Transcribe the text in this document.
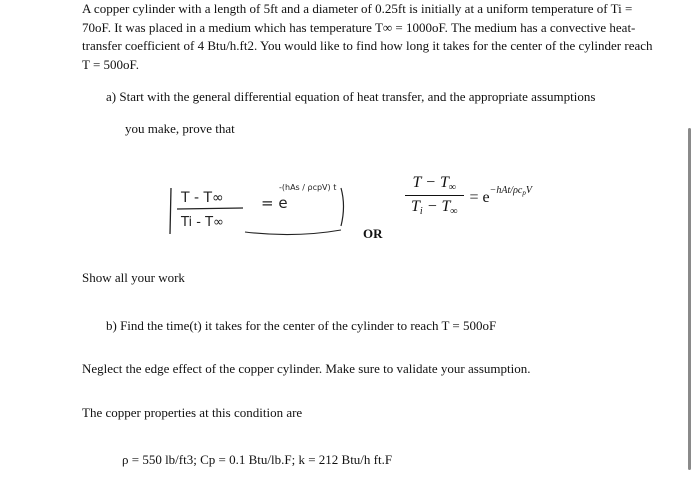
A copper cylinder with a length of 5ft and a diameter of 0.25ft is initially at a uniform temperature of Ti = 70oF. It was placed in a medium which has temperature T∞ = 1000oF. The medium has a convective heat-transfer coefficient of 4 Btu/h.ft2. You would like to find how long it takes for the center of the cylinder reach T = 500oF.
a) Start with the general differential equation of heat transfer, and the appropriate assumptions
you make, prove that
T - T∞
Ti - T∞
= e
-(hAs / ρcpV) t
OR
$\frac{T - T_\infty}{T_i - T_\infty} = e^{-hAt/\rho c_pV}$
Show all your work
b) Find the time(t) it takes for the center of the cylinder to reach T = 500oF
Neglect the edge effect of the copper cylinder. Make sure to validate your assumption.
The copper properties at this condition are
ρ = 550 lb/ft3; Cp = 0.1 Btu/lb.F; k = 212 Btu/h ft.F
